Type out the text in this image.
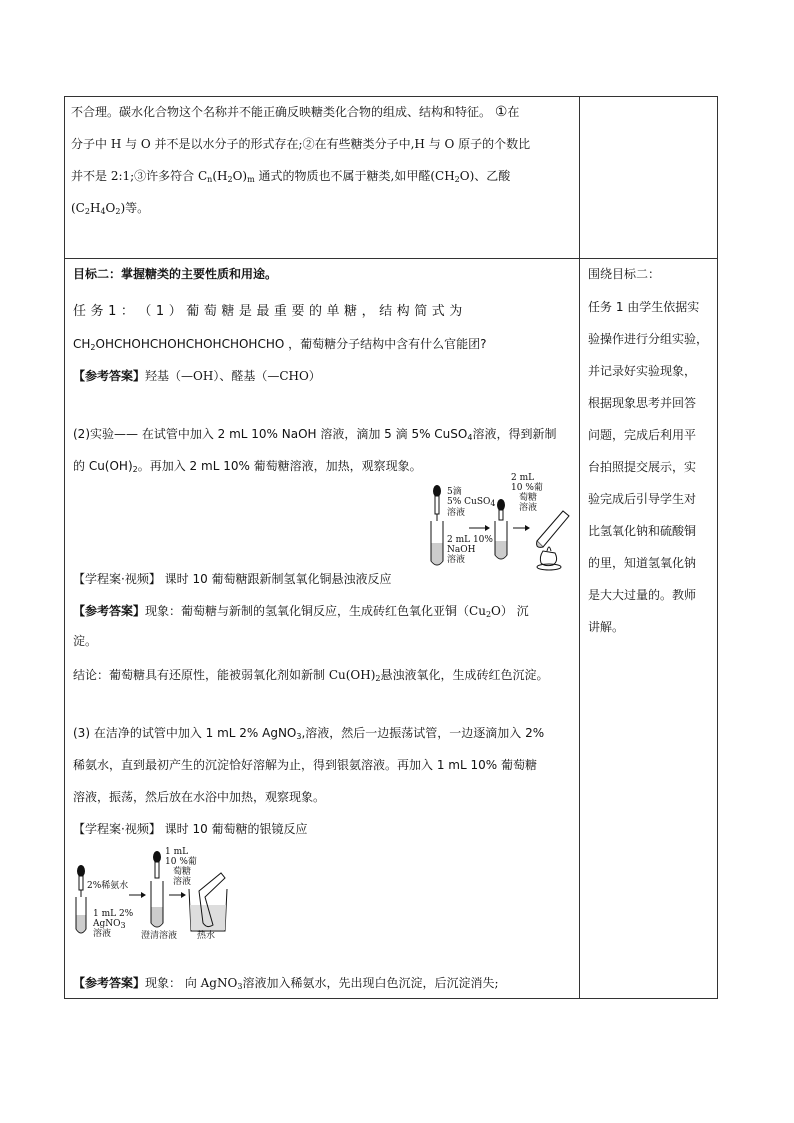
不合理。碳水化合物这个名称并不能正确反映糖类化合物的组成、结构和特征。 ①在
分子中 H 与 O 并不是以水分子的形式存在;②在有些糖类分子中,H 与 O 原子的个数比
并不是 2:1;③许多符合 $C_n(H_2O)_m$ 通式的物质也不属于糖类,如甲醛$(CH_2O)$、乙酸
$(C_2H_4O_2)$等。
目标二：掌握糖类的主要性质和用途。
任 务 1 ： （ 1 ） 葡 萄 糖 是 最 重 要 的 单 糖 ， 结 构 简 式 为
$CH_2OHCHOHCHOHCHOHCHOHCHO$ ，葡萄糖分子结构中含有什么官能团?
【参考答案】羟基（—OH）、醛基（—CHO）
(2)实验—— 在试管中加入 2 mL 10% NaOH 溶液，滴加 5 滴 5% CuSO$_4$溶液，得到新制
的 $Cu(OH)_2$。再加入 2 mL 10% 葡萄糖溶液，加热，观察现象。
5滴
5% CuSO$_4$
溶液
2 mL 10%
NaOH
溶液
2 mL
10 %葡
萄糖
溶液
【学程案·视频】 课时 10 葡萄糖跟新制氢氧化铜悬浊液反应
【参考答案】现象：葡萄糖与新制的氢氧化铜反应，生成砖红色氧化亚铜$(Cu_2O)$ 沉
淀。
结论：葡萄糖具有还原性，能被弱氧化剂如新制 $Cu(OH)_2$悬浊液氧化，生成砖红色沉淀。
(3) 在洁净的试管中加入 1 mL 2% AgNO$_3$,溶液，然后一边振荡试管，一边逐滴加入 2%
稀氨水，直到最初产生的沉淀恰好溶解为止，得到银氨溶液。再加入 1 mL 10% 葡萄糖
溶液，振荡，然后放在水浴中加热，观察现象。
【学程案·视频】 课时 10 葡萄糖的银镜反应
2%稀氨水
1 mL 2%
AgNO$_3$
溶液
1 mL
10 %葡
萄糖
溶液
澄清溶液 热水
【参考答案】现象： 向 AgNO$_3$溶液加入稀氨水，先出现白色沉淀，后沉淀消失;
围绕目标二：
任务 1 由学生依据实
验操作进行分组实验，
并记录好实验现象，
根据现象思考并回答
问题，完成后利用平
台拍照提交展示，实
验完成后引导学生对
比氢氧化钠和硫酸铜
的里，知道氢氧化钠
是大大过量的。教师
讲解。
